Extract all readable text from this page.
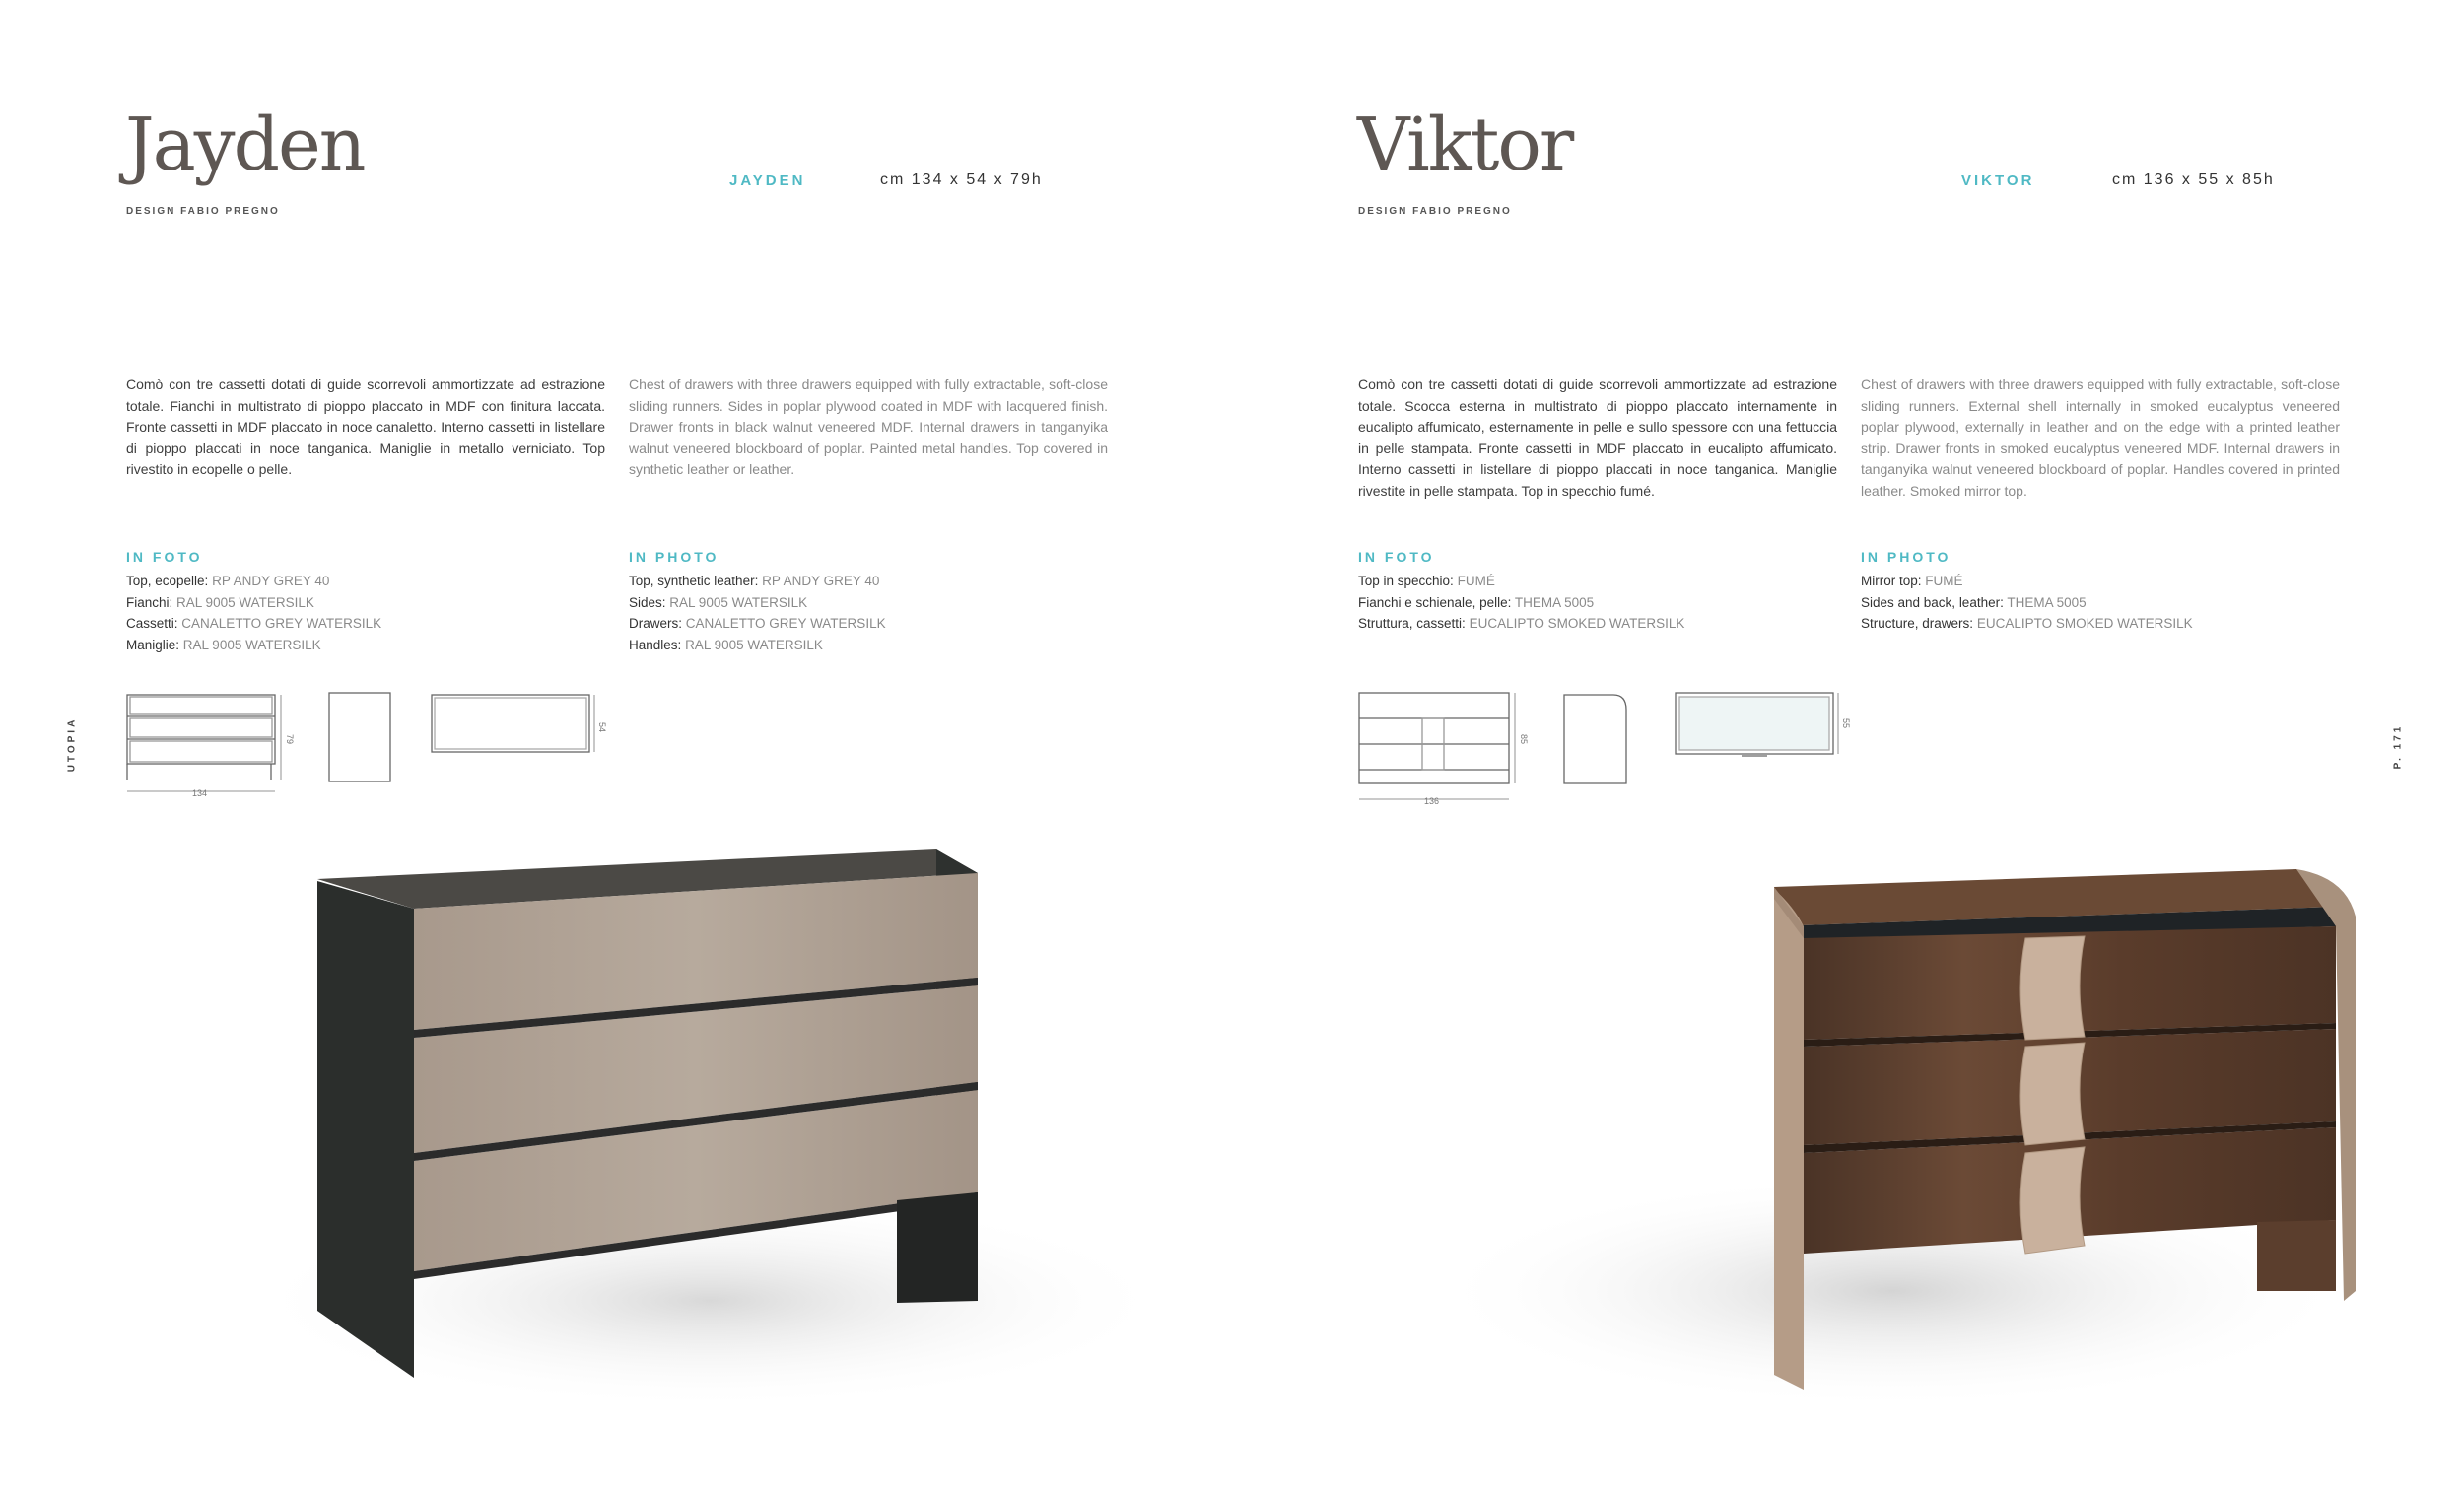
Jayden
DESIGN FABIO PREGNO
JAYDEN	cm 134 x 54 x 79h
Comò con tre cassetti dotati di guide scorrevoli ammortizzate ad estrazione totale. Fianchi in multistrato di pioppo placcato in MDF con finitura laccata. Fronte cassetti in MDF placcato in noce canaletto. Interno cassetti in listellare di pioppo placcati in noce tanganica. Maniglie in metallo verniciato. Top rivestito in ecopelle o pelle.
Chest of drawers with three drawers equipped with fully extractable, soft-close sliding runners. Sides in poplar plywood coated in MDF with lacquered finish. Drawer fronts in black walnut veneered MDF. Internal drawers in tanganyika walnut veneered blockboard of poplar. Painted metal handles. Top covered in synthetic leather or leather.
IN FOTO
Top, ecopelle: RP ANDY GREY 40
Fianchi: RAL 9005 WATERSILK
Cassetti: CANALETTO GREY WATERSILK
Maniglie: RAL 9005 WATERSILK
IN PHOTO
Top, synthetic leather: RP ANDY GREY 40
Sides: RAL 9005 WATERSILK
Drawers: CANALETTO GREY WATERSILK
Handles: RAL 9005 WATERSILK
134
79
54
Viktor
DESIGN FABIO PREGNO
VIKTOR	cm 136 x 55 x 85h
Comò con tre cassetti dotati di guide scorrevoli ammortizzate ad estrazione totale. Scocca esterna in multistrato di pioppo placcato internamente in eucalipto affumicato, esternamente in pelle e sullo spessore con una fettuccia in pelle stampata. Fronte cassetti in MDF placcato in eucalipto affumicato. Interno cassetti in listellare di pioppo placcati in noce tanganica. Maniglie rivestite in pelle stampata. Top in specchio fumé.
Chest of drawers with three drawers equipped with fully extractable, soft-close sliding runners. External shell internally in smoked eucalyptus veneered poplar plywood, externally in leather and on the edge with a printed leather strip. Drawer fronts in smoked eucalyptus veneered MDF. Internal drawers in tanganyika walnut veneered blockboard of poplar. Handles covered in printed leather. Smoked mirror top.
IN FOTO
Top in specchio: FUMÉ
Fianchi e schienale, pelle: THEMA 5005
Struttura, cassetti: EUCALIPTO SMOKED WATERSILK
IN PHOTO
Mirror top: FUMÉ
Sides and back, leather: THEMA 5005
Structure, drawers: EUCALIPTO SMOKED WATERSILK
136
85
55
UTOPIA	P. 171
